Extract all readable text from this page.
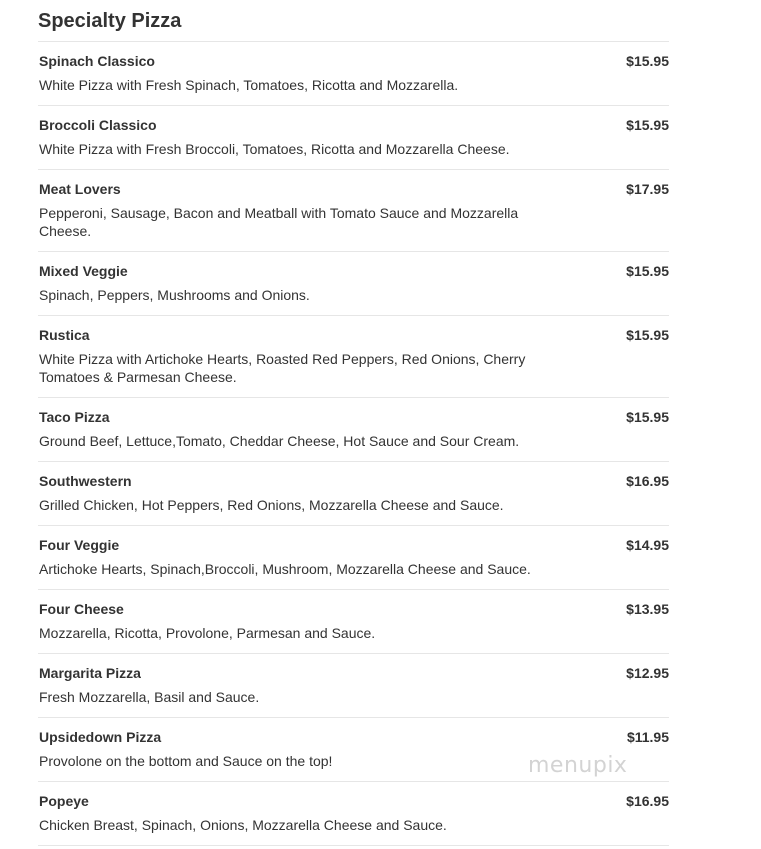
Specialty Pizza
Spinach Classico	$15.95
White Pizza with Fresh Spinach, Tomatoes, Ricotta and Mozzarella.
Broccoli Classico	$15.95
White Pizza with Fresh Broccoli, Tomatoes, Ricotta and Mozzarella Cheese.
Meat Lovers	$17.95
Pepperoni, Sausage, Bacon and Meatball with Tomato Sauce and Mozzarella Cheese.
Mixed Veggie	$15.95
Spinach, Peppers, Mushrooms and Onions.
Rustica	$15.95
White Pizza with Artichoke Hearts, Roasted Red Peppers, Red Onions, Cherry Tomatoes & Parmesan Cheese.
Taco Pizza	$15.95
Ground Beef, Lettuce,Tomato, Cheddar Cheese, Hot Sauce and Sour Cream.
Southwestern	$16.95
Grilled Chicken, Hot Peppers, Red Onions, Mozzarella Cheese and Sauce.
Four Veggie	$14.95
Artichoke Hearts, Spinach,Broccoli, Mushroom, Mozzarella Cheese and Sauce.
Four Cheese	$13.95
Mozzarella, Ricotta, Provolone, Parmesan and Sauce.
Margarita Pizza	$12.95
Fresh Mozzarella, Basil and Sauce.
Upsidedown Pizza	$11.95
Provolone on the bottom and Sauce on the top!
Popeye	$16.95
Chicken Breast, Spinach, Onions, Mozzarella Cheese and Sauce.
menupix
